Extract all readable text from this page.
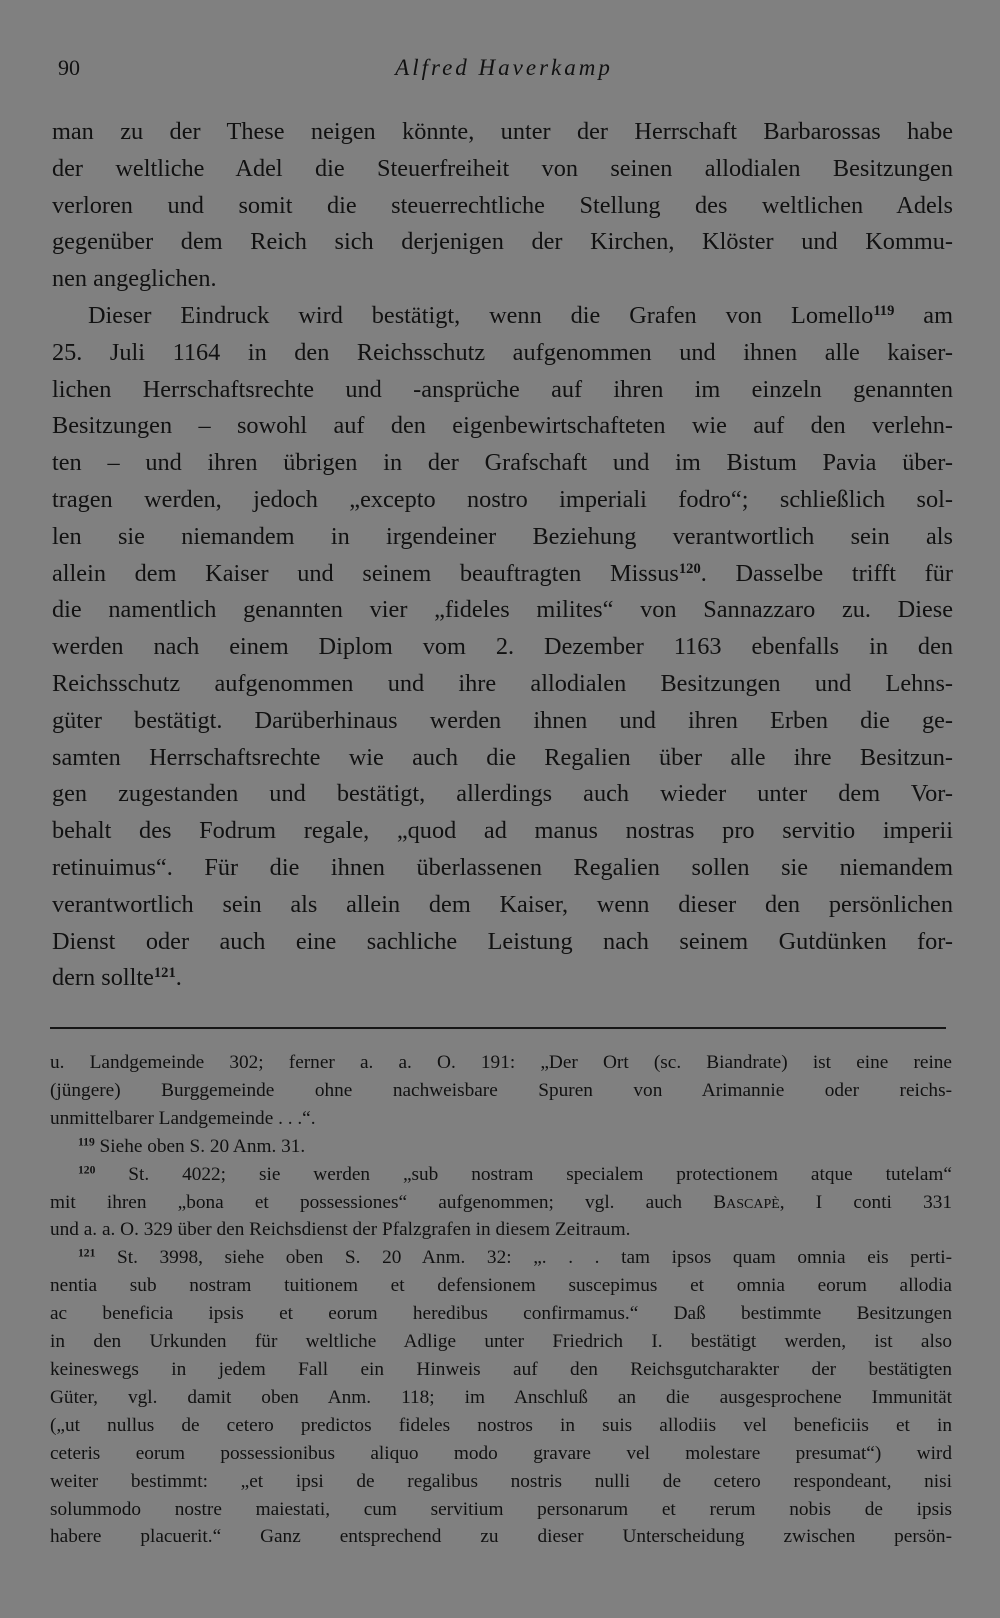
90	Alfred Haverkamp
man zu der These neigen könnte, unter der Herrschaft Barbarossas habe
der weltliche Adel die Steuerfreiheit von seinen allodialen Besitzungen
verloren und somit die steuerrechtliche Stellung des weltlichen Adels
gegenüber dem Reich sich derjenigen der Kirchen, Klöster und Kommu-
nen angeglichen.
Dieser Eindruck wird bestätigt, wenn die Grafen von Lomello$^{119}$ am
25. Juli 1164 in den Reichsschutz aufgenommen und ihnen alle kaiser-
lichen Herrschaftsrechte und -ansprüche auf ihren im einzeln genannten
Besitzungen – sowohl auf den eigenbewirtschafteten wie auf den verlehn-
ten – und ihren übrigen in der Grafschaft und im Bistum Pavia über-
tragen werden, jedoch „excepto nostro imperiali fodro“; schließlich sol-
len sie niemandem in irgendeiner Beziehung verantwortlich sein als
allein dem Kaiser und seinem beauftragten Missus$^{120}$. Dasselbe trifft für
die namentlich genannten vier „fideles milites“ von Sannazzaro zu. Diese
werden nach einem Diplom vom 2. Dezember 1163 ebenfalls in den
Reichsschutz aufgenommen und ihre allodialen Besitzungen und Lehns-
güter bestätigt. Darüberhinaus werden ihnen und ihren Erben die ge-
samten Herrschaftsrechte wie auch die Regalien über alle ihre Besitzun-
gen zugestanden und bestätigt, allerdings auch wieder unter dem Vor-
behalt des Fodrum regale, „quod ad manus nostras pro servitio imperii
retinuimus“. Für die ihnen überlassenen Regalien sollen sie niemandem
verantwortlich sein als allein dem Kaiser, wenn dieser den persönlichen
Dienst oder auch eine sachliche Leistung nach seinem Gutdünken for-
dern sollte$^{121}$.
u. Landgemeinde 302; ferner a. a. O. 191: „Der Ort (sc. Biandrate) ist eine reine
(jüngere) Burggemeinde ohne nachweisbare Spuren von Arimannie oder reichs-
unmittelbarer Landgemeinde . . .“.
$^{119}$ Siehe oben S. 20 Anm. 31.
$^{120}$ St. 4022; sie werden „sub nostram specialem protectionem atque tutelam“
mit ihren „bona et possessiones“ aufgenommen; vgl. auch Bascapè, I conti 331
und a. a. O. 329 über den Reichsdienst der Pfalzgrafen in diesem Zeitraum.
$^{121}$ St. 3998, siehe oben S. 20 Anm. 32: „. . . tam ipsos quam omnia eis perti-
nentia sub nostram tuitionem et defensionem suscepimus et omnia eorum allodia
ac beneficia ipsis et eorum heredibus confirmamus.“ Daß bestimmte Besitzungen
in den Urkunden für weltliche Adlige unter Friedrich I. bestätigt werden, ist also
keineswegs in jedem Fall ein Hinweis auf den Reichsgutcharakter der bestätigten
Güter, vgl. damit oben Anm. 118; im Anschluß an die ausgesprochene Immunität
(„ut nullus de cetero predictos fideles nostros in suis allodiis vel beneficiis et in
ceteris eorum possessionibus aliquo modo gravare vel molestare presumat“) wird
weiter bestimmt: „et ipsi de regalibus nostris nulli de cetero respondeant, nisi
solummodo nostre maiestati, cum servitium personarum et rerum nobis de ipsis
habere placuerit.“ Ganz entsprechend zu dieser Unterscheidung zwischen persön-
